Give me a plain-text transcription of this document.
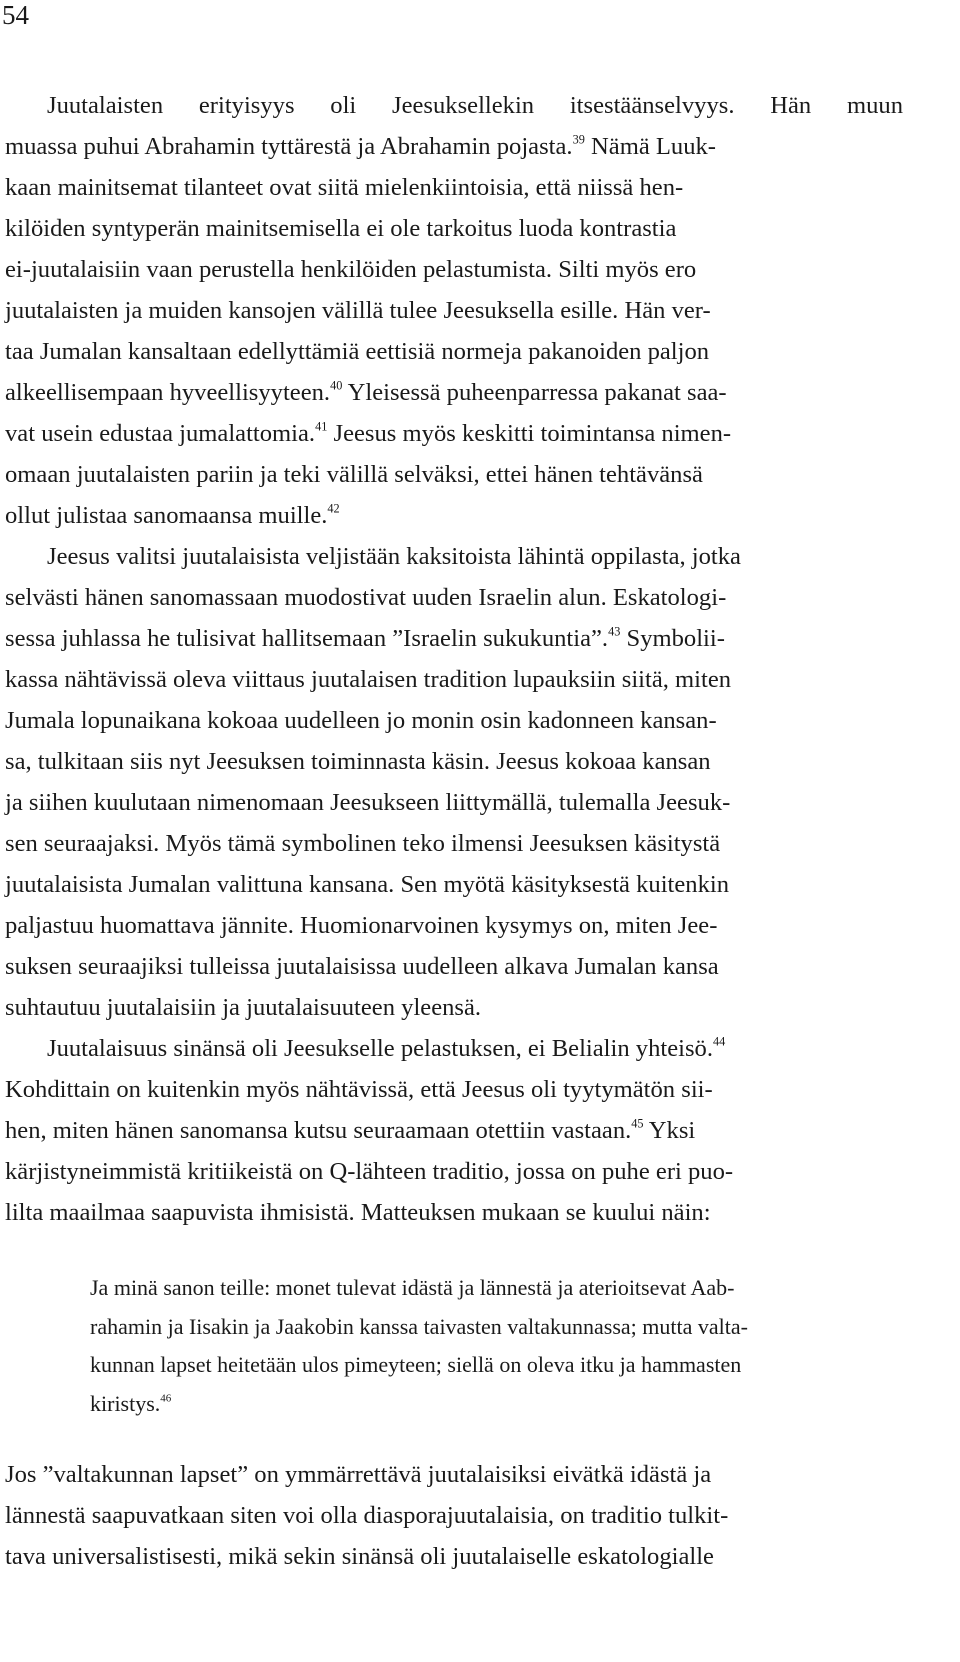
54
Juutalaisten erityisyys oli Jeesuksellekin itsestäänselvyys. Hän muun
muassa puhui Abrahamin tyttärestä ja Abrahamin pojasta.$^{39}$ Nämä Luuk-
kaan mainitsemat tilanteet ovat siitä mielenkiintoisia, että niissä hen-
kilöiden syntyperän mainitsemisella ei ole tarkoitus luoda kontrastia
ei-juutalaisiin vaan perustella henkilöiden pelastumista. Silti myös ero
juutalaisten ja muiden kansojen välillä tulee Jeesuksella esille. Hän ver-
taa Jumalan kansaltaan edellyttämiä eettisiä normeja pakanoiden paljon
alkeellisempaan hyveellisyyteen.$^{40}$ Yleisessä puheenparressa pakanat saa-
vat usein edustaa jumalattomia.$^{41}$ Jeesus myös keskitti toimintansa nimen-
omaan juutalaisten pariin ja teki välillä selväksi, ettei hänen tehtävänsä
ollut julistaa sanomaansa muille.$^{42}$
Jeesus valitsi juutalaisista veljistään kaksitoista lähintä oppilasta, jotka
selvästi hänen sanomassaan muodostivat uuden Israelin alun. Eskatologi-
sessa juhlassa he tulisivat hallitsemaan ”Israelin sukukuntia”.$^{43}$ Symbolii-
kassa nähtävissä oleva viittaus juutalaisen tradition lupauksiin siitä, miten
Jumala lopunaikana kokoaa uudelleen jo monin osin kadonneen kansan-
sa, tulkitaan siis nyt Jeesuksen toiminnasta käsin. Jeesus kokoaa kansan
ja siihen kuulutaan nimenomaan Jeesukseen liittymällä, tulemalla Jeesuk-
sen seuraajaksi. Myös tämä symbolinen teko ilmensi Jeesuksen käsitystä
juutalaisista Jumalan valittuna kansana. Sen myötä käsityksestä kuitenkin
paljastuu huomattava jännite. Huomionarvoinen kysymys on, miten Jee-
suksen seuraajiksi tulleissa juutalaisissa uudelleen alkava Jumalan kansa
suhtautuu juutalaisiin ja juutalaisuuteen yleensä.
Juutalaisuus sinänsä oli Jeesukselle pelastuksen, ei Belialin yhteisö.$^{44}$
Kohdittain on kuitenkin myös nähtävissä, että Jeesus oli tyytymätön sii-
hen, miten hänen sanomansa kutsu seuraamaan otettiin vastaan.$^{45}$ Yksi
kärjistyneimmistä kritiikeistä on Q-lähteen traditio, jossa on puhe eri puo-
lilta maailmaa saapuvista ihmisistä. Matteuksen mukaan se kuului näin:
Ja minä sanon teille: monet tulevat idästä ja lännestä ja aterioitsevat Aab-
rahamin ja Iisakin ja Jaakobin kanssa taivasten valtakunnassa; mutta valta-
kunnan lapset heitetään ulos pimeyteen; siellä on oleva itku ja hammasten
kiristys.$^{46}$
Jos ”valtakunnan lapset” on ymmärrettävä juutalaisiksi eivätkä idästä ja
lännestä saapuvatkaan siten voi olla diasporajuutalaisia, on traditio tulkit-
tava universalistisesti, mikä sekin sinänsä oli juutalaiselle eskatologialle
